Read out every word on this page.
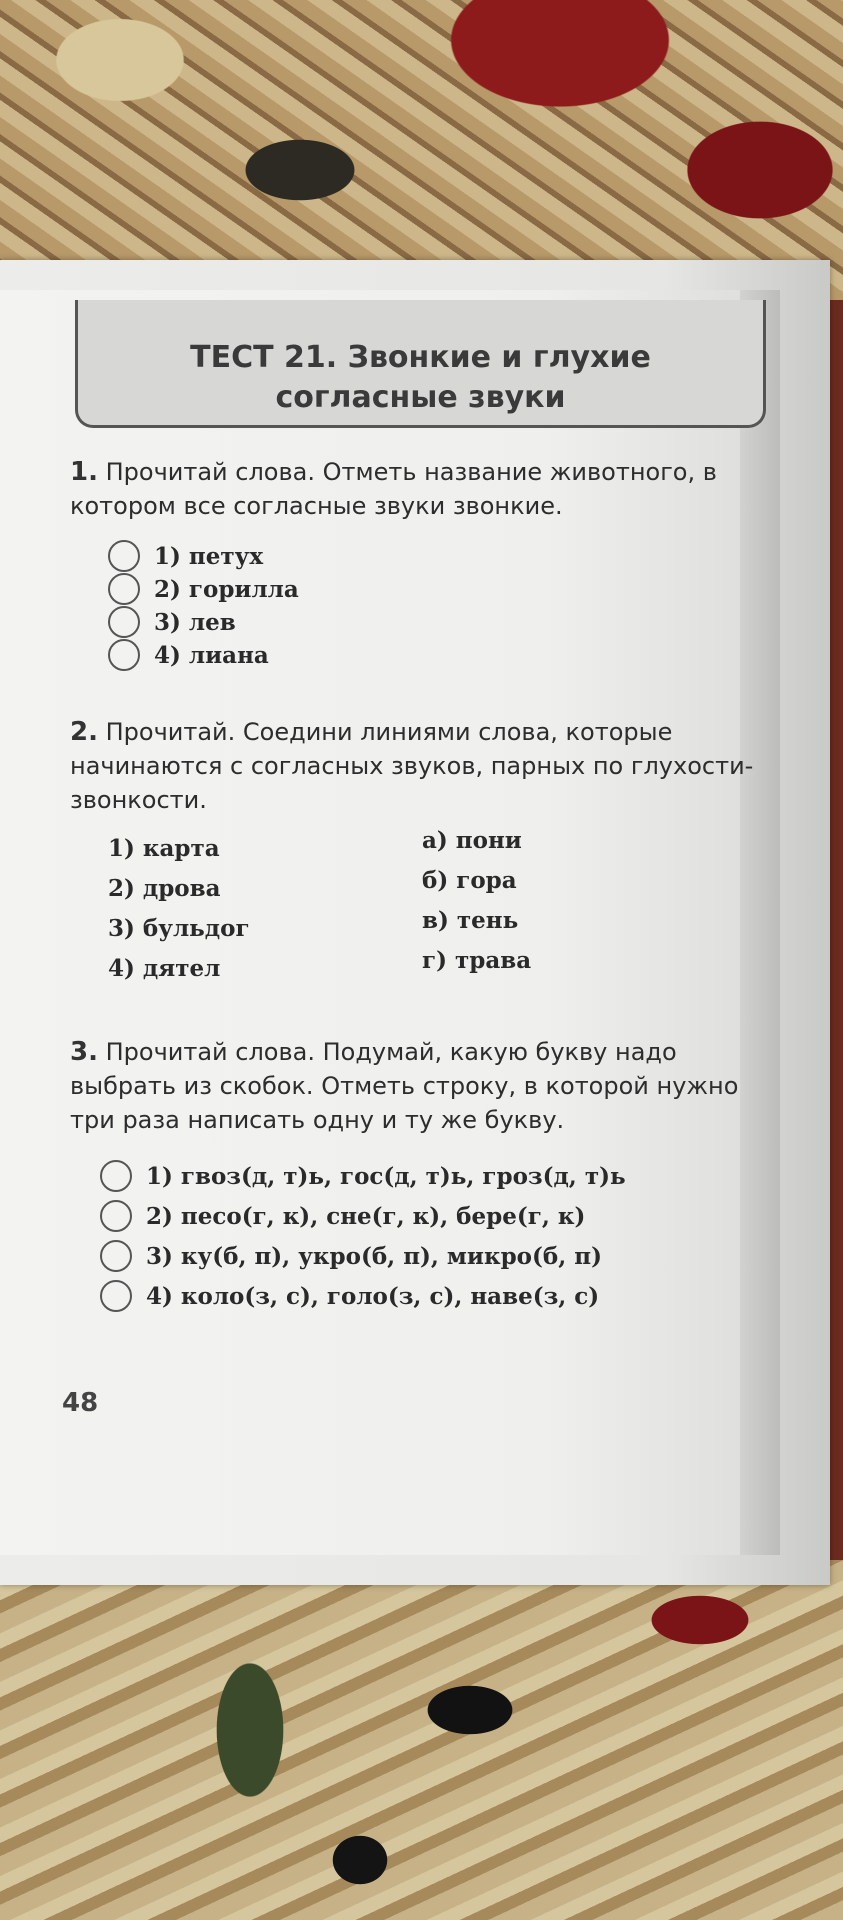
ТЕСТ 21. Звонкие и глухие
согласные звуки

1. Прочитай слова. Отметь название животного, в котором все согласные звуки звонкие.

1) петух
2) горилла
3) лев
4) лиана

2. Прочитай. Соедини линиями слова, которые начинаются с согласных звуков, парных по глухости-звонкости.

1) карта
2) дрова
3) бульдог
4) дятел
а) пони
б) гора
в) тень
г) трава

3. Прочитай слова. Подумай, какую букву надо выбрать из скобок. Отметь строку, в которой нужно три раза написать одну и ту же букву.

1) гвоз(д, т)ь, гос(д, т)ь, гроз(д, т)ь
2) песо(г, к), сне(г, к), бере(г, к)
3) ку(б, п), укро(б, п), микро(б, п)
4) коло(з, с), голо(з, с), наве(з, с)
48
